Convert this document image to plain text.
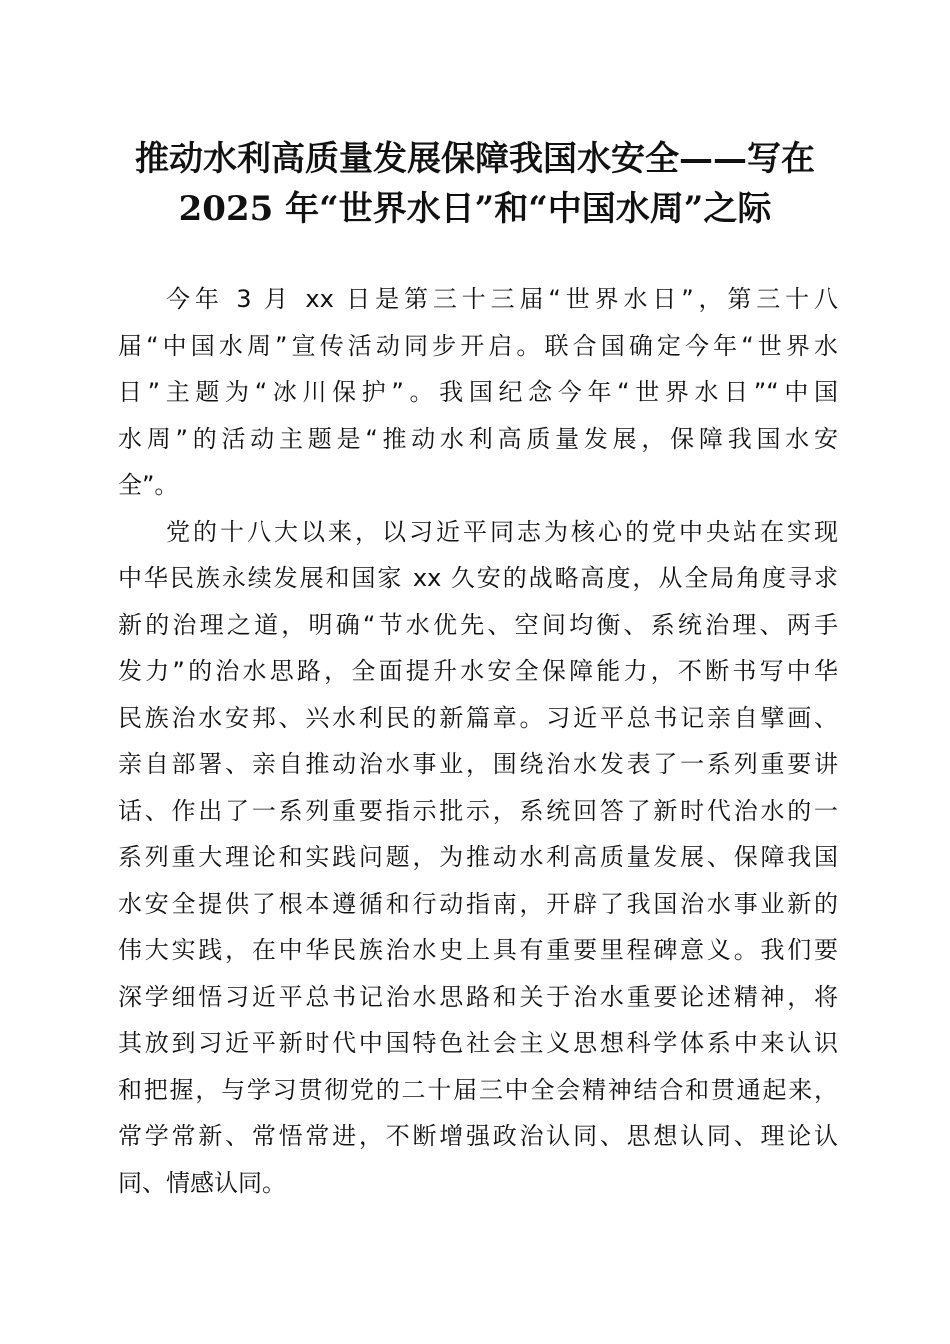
推动水利高质量发展保障我国水安全——写在
2025 年“世界水日”和“中国水周”之际
今年 3 月 xx 日是第三十三届“世界水日”，第三十八
届“中国水周”宣传活动同步开启。联合国确定今年“世界水
日”主题为“冰川保护”。我国纪念今年“世界水日”“中国
水周”的活动主题是“推动水利高质量发展，保障我国水安
全”。
党的十八大以来，以习近平同志为核心的党中央站在实现
中华民族永续发展和国家 xx 久安的战略高度，从全局角度寻求
新的治理之道，明确“节水优先、空间均衡、系统治理、两手
发力”的治水思路，全面提升水安全保障能力，不断书写中华
民族治水安邦、兴水利民的新篇章。习近平总书记亲自擘画、
亲自部署、亲自推动治水事业，围绕治水发表了一系列重要讲
话、作出了一系列重要指示批示，系统回答了新时代治水的一
系列重大理论和实践问题，为推动水利高质量发展、保障我国
水安全提供了根本遵循和行动指南，开辟了我国治水事业新的
伟大实践，在中华民族治水史上具有重要里程碑意义。我们要
深学细悟习近平总书记治水思路和关于治水重要论述精神，将
其放到习近平新时代中国特色社会主义思想科学体系中来认识
和把握，与学习贯彻党的二十届三中全会精神结合和贯通起来，
常学常新、常悟常进，不断增强政治认同、思想认同、理论认
同、情感认同。
